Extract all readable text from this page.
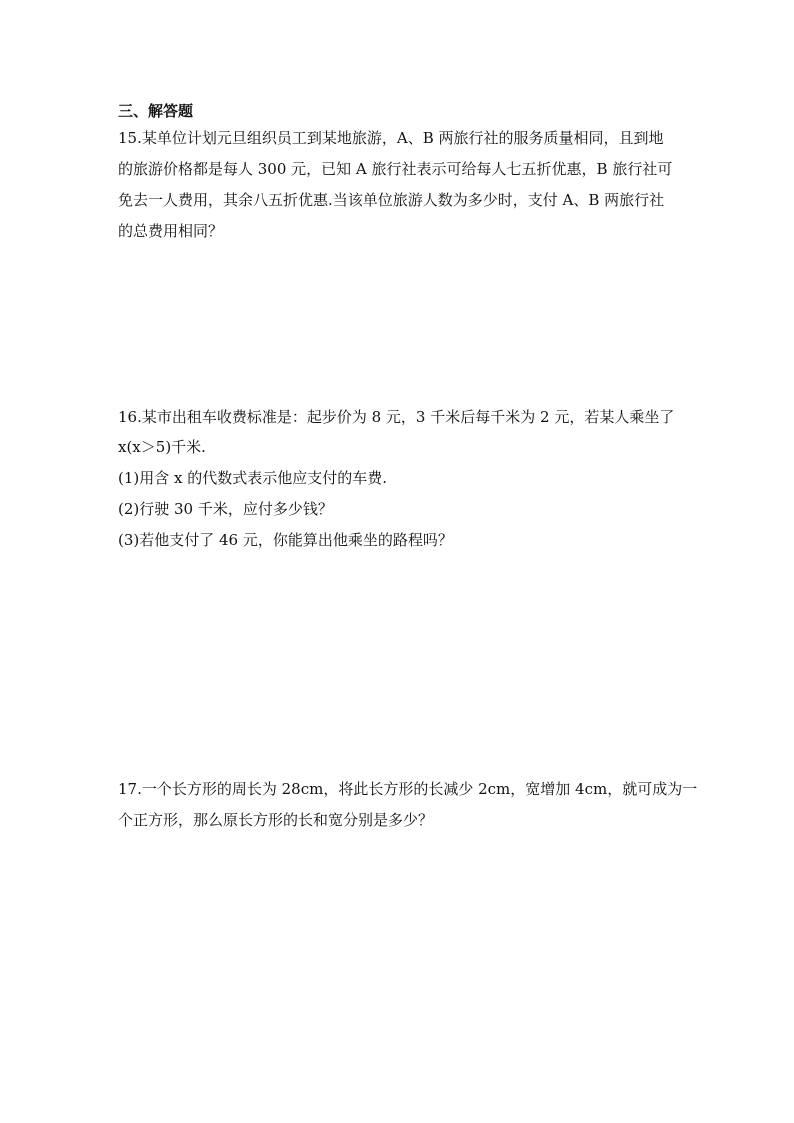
三、解答题
15.某单位计划元旦组织员工到某地旅游，A、B 两旅行社的服务质量相同，且到地
的旅游价格都是每人 300 元，已知 A 旅行社表示可给每人七五折优惠，B 旅行社可
免去一人费用，其余八五折优惠.当该单位旅游人数为多少时，支付 A、B 两旅行社
的总费用相同？
16.某市出租车收费标准是：起步价为 8 元，3 千米后每千米为 2 元，若某人乘坐了
x(x＞5)千米.
(1)用含 x 的代数式表示他应支付的车费.
(2)行驶 30 千米，应付多少钱？
(3)若他支付了 46 元，你能算出他乘坐的路程吗？
17.一个长方形的周长为 28cm，将此长方形的长减少 2cm，宽增加 4cm，就可成为一
个正方形，那么原长方形的长和宽分别是多少？
